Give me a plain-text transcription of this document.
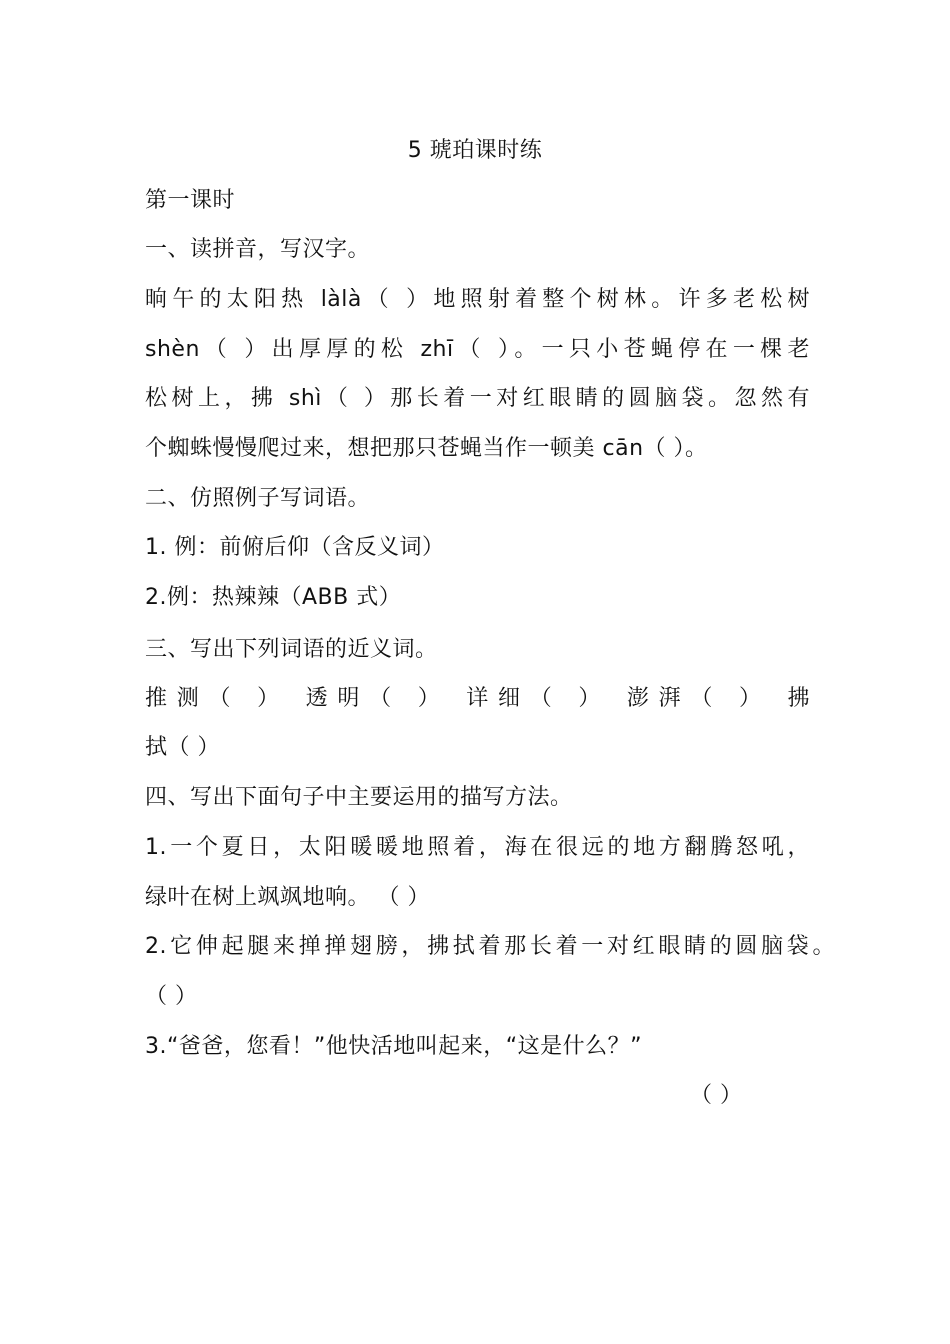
5 琥珀课时练
第一课时
一、读拼音，写汉字。
晌午的太阳热 làlà（ ）地照射着整个树林。许多老松树
shèn（ ）出厚厚的松 zhī（ ）。一只小苍蝇停在一棵老
松树上，拂 shì（ ）那长着一对红眼睛的圆脑袋。忽然有
个蜘蛛慢慢爬过来，想把那只苍蝇当作一顿美 cān（ ）。
二、仿照例子写词语。
1. 例：前俯后仰（含反义词）
2.例：热辣辣（ABB 式）
三、写出下列词语的近义词。
推测（ ） 透明（ ） 详细（ ） 澎湃（ ） 拂
拭（ ）
四、写出下面句子中主要运用的描写方法。
1.一个夏日，太阳暖暖地照着，海在很远的地方翻腾怒吼，
绿叶在树上飒飒地响。 （ ）
2.它伸起腿来掸掸翅膀，拂拭着那长着一对红眼睛的圆脑袋。
（ ）
3.“爸爸，您看！”他快活地叫起来，“这是什么？”
（ ）
